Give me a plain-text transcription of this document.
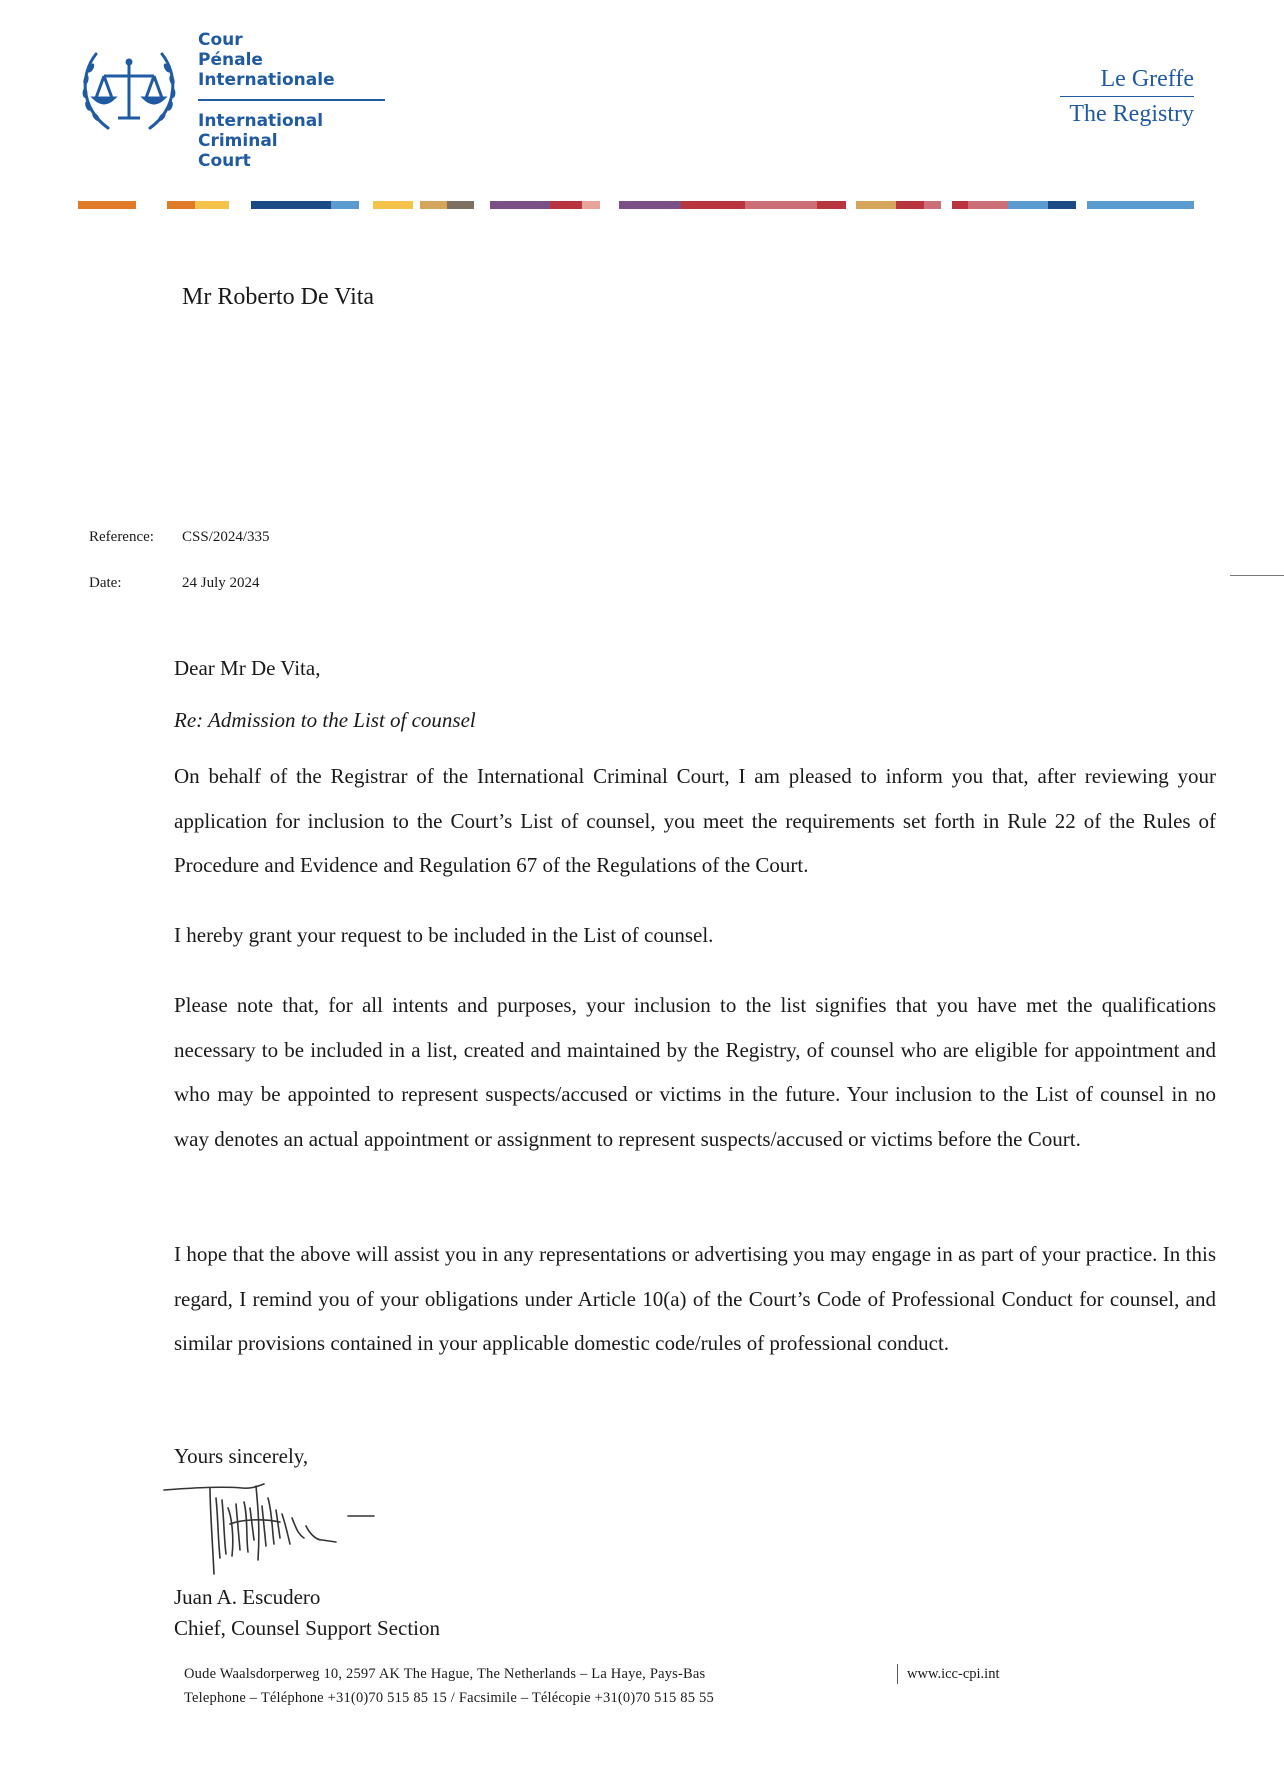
Cour
Pénale
Internationale
International
Criminal
Court
Le Greffe
The Registry
Mr Roberto De Vita
Reference: CSS/2024/335
Date:	24 July 2024
Dear Mr De Vita,
Re: Admission to the List of counsel

On behalf of the Registrar of the International Criminal Court, I am pleased to inform you that, after reviewing your application for inclusion to the Court’s List of counsel, you meet the requirements set forth in Rule 22 of the Rules of Procedure and Evidence and Regulation 67 of the Regulations of the Court.

I hereby grant your request to be included in the List of counsel.

Please note that, for all intents and purposes, your inclusion to the list signifies that you have met the qualifications necessary to be included in a list, created and maintained by the Registry, of counsel who are eligible for appointment and who may be appointed to represent suspects/accused or victims in the future. Your inclusion to the List of counsel in no way denotes an actual appointment or assignment to represent suspects/accused or victims before the Court.

I hope that the above will assist you in any representations or advertising you may engage in as part of your practice. In this regard, I remind you of your obligations under Article 10(a) of the Court’s Code of Professional Conduct for counsel, and similar provisions contained in your applicable domestic code/rules of professional conduct.

Yours sincerely,
Juan A. Escudero
Chief, Counsel Support Section
Oude Waalsdorperweg 10, 2597 AK The Hague, The Netherlands – La Haye, Pays-Bas
Telephone – Téléphone +31(0)70 515 85 15 / Facsimile – Télécopie +31(0)70 515 85 55
www.icc-cpi.int
